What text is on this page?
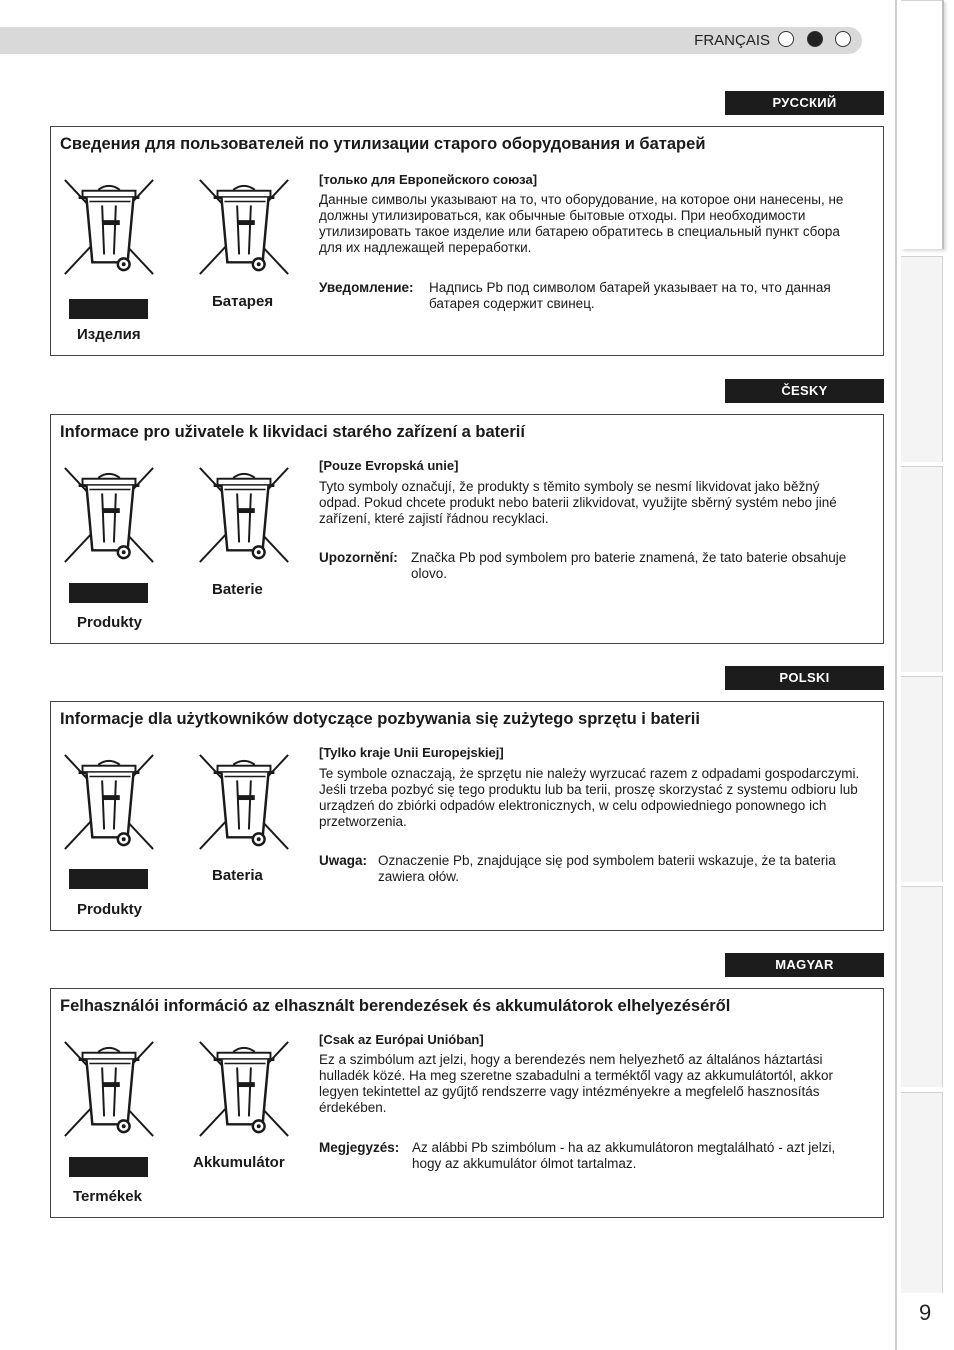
FRANÇAIS
9
РУССКИЙ
Сведения для пользователей по утилизации старого оборудования и батарей
Батарея
Изделия
[только для Европейского союза]
Данные символы указывают на то, что оборудование, на которое они нанесены, не должны утилизироваться, как обычные бытовые отходы. При необходимости утилизировать такое изделие или батарею обратитесь в специальный пункт сбора для их надлежащей переработки.
Уведомление: Надпись Pb под символом батарей указывает на то, что данная батарея содержит свинец.
ČESKY
Informace pro uživatele k likvidaci starého zařízení a baterií
Baterie
Produkty
[Pouze Evropská unie]
Tyto symboly označují, že produkty s těmito symboly se nesmí likvidovat jako běžný odpad. Pokud chcete produkt nebo baterii zlikvidovat, využijte sběrný systém nebo jiné zařízení, které zajistí řádnou recyklaci.
Upozornění: Značka Pb pod symbolem pro baterie znamená, že tato baterie obsahuje olovo.
POLSKI
Informacje dla użytkowników dotyczące pozbywania się zużytego sprzętu i baterii
Bateria
Produkty
[Tylko kraje Unii Europejskiej]
Te symbole oznaczają, że sprzętu nie należy wyrzucać razem z odpadami gospodarczymi. Jeśli trzeba pozbyć się tego produktu lub ba terii, proszę skorzystać z systemu odbioru lub urządzeń do zbiórki odpadów elektronicznych, w celu odpowiedniego ponownego ich przetworzenia.
Uwaga: Oznaczenie Pb, znajdujące się pod symbolem baterii wskazuje, że ta bateria zawiera ołów.
MAGYAR
Felhasználói információ az elhasznált berendezések és akkumulátorok elhelyezéséről
Akkumulátor
Termékek
[Csak az Európai Unióban]
Ez a szimbólum azt jelzi, hogy a berendezés nem helyezhető az általános háztartási hulladék közé. Ha meg szeretne szabadulni a terméktől vagy az akkumulátortól, akkor legyen tekintettel az gyűjtő rendszerre vagy intézményekre a megfelelő hasznosítás érdekében.
Megjegyzés: Az alábbi Pb szimbólum - ha az akkumulátoron megtalálható - azt jelzi, hogy az akkumulátor ólmot tartalmaz.
